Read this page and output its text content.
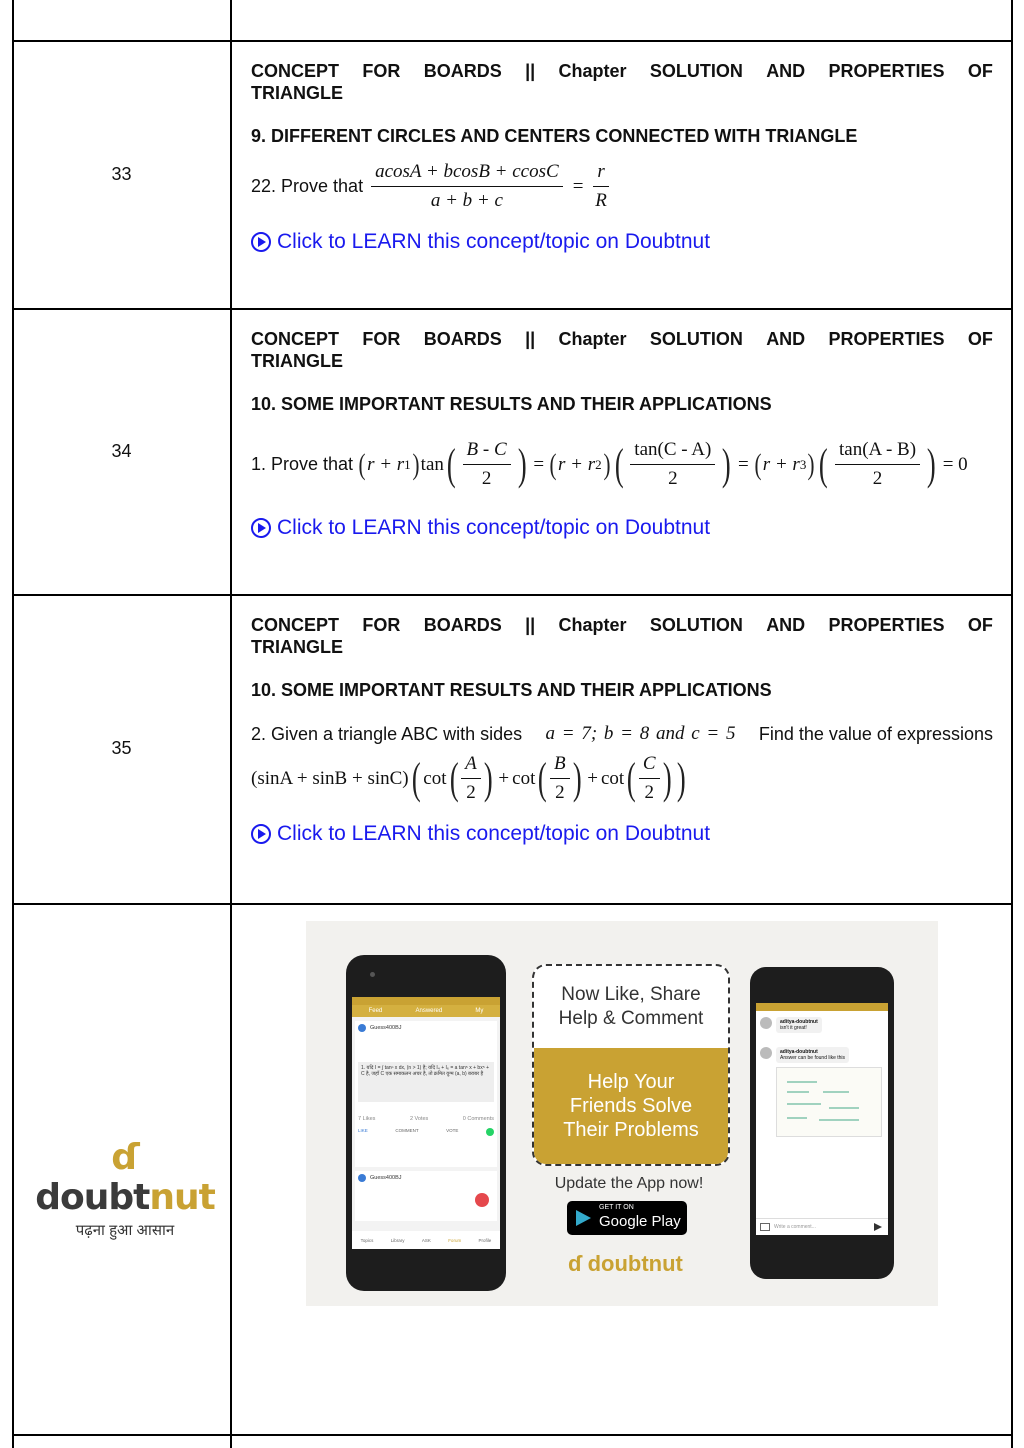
33
CONCEPT FOR BOARDS || Chapter SOLUTION AND PROPERTIES OF
TRIANGLE
9. DIFFERENT CIRCLES AND CENTERS CONNECTED WITH TRIANGLE
22. Prove that $\frac{acosA + bcosB + ccosC}{a + b + c} = \frac{r}{R}$
Click to LEARN this concept/topic on Doubtnut
34
CONCEPT FOR BOARDS || Chapter SOLUTION AND PROPERTIES OF
TRIANGLE
10. SOME IMPORTANT RESULTS AND THEIR APPLICATIONS
1. Prove that ( r + r 1 ) tan ( $\frac{B - C}{2}$ ) = ( r + r 2 ) ( $\frac{\tan(C - A)}{2}$ ) = ( r + r 3 ) ( $\frac{\tan(A - B)}{2}$ ) = 0
Click to LEARN this concept/topic on Doubtnut
35
CONCEPT FOR BOARDS || Chapter SOLUTION AND PROPERTIES OF
TRIANGLE
10. SOME IMPORTANT RESULTS AND THEIR APPLICATIONS
2. Given a triangle ABC with sides a = 7; b = 8 and c = 5 Find the value of expressions
(sinA + sinB + sinC) ( cot ( $\frac{A}{2}$ ) + cot ( $\frac{B}{2}$ ) + cot ( $\frac{C}{2}$ ) )
Click to LEARN this concept/topic on Doubtnut
ɗ doubtnut
पढ़ना हुआ आसान
Feed	Answered	My
Guess400BJ
1. यदि I = ∫ tanⁿ x dx, (n > 1) है; यदि I₄ + I₆ = a tan⁵ x + bx⁵ + C है, जहाँ C एक समाकलन अचर है, तो क्रमित युग्म (a, b) बराबर है
7 Likes	2 Votes	0 Comments
LIKE	COMMENT	VOTE
Guess400BJ
Topics	Library	ASK	Forum	Profile
Now Like, Share Help & Comment
Help Your Friends Solve Their Problems
Update the App now!
GET IT ON
Google Play
ɗ doubtnut
aditya-doubtnut
isn't it great!
aditya-doubtnut
Answer can be found like this
Write a comment...
